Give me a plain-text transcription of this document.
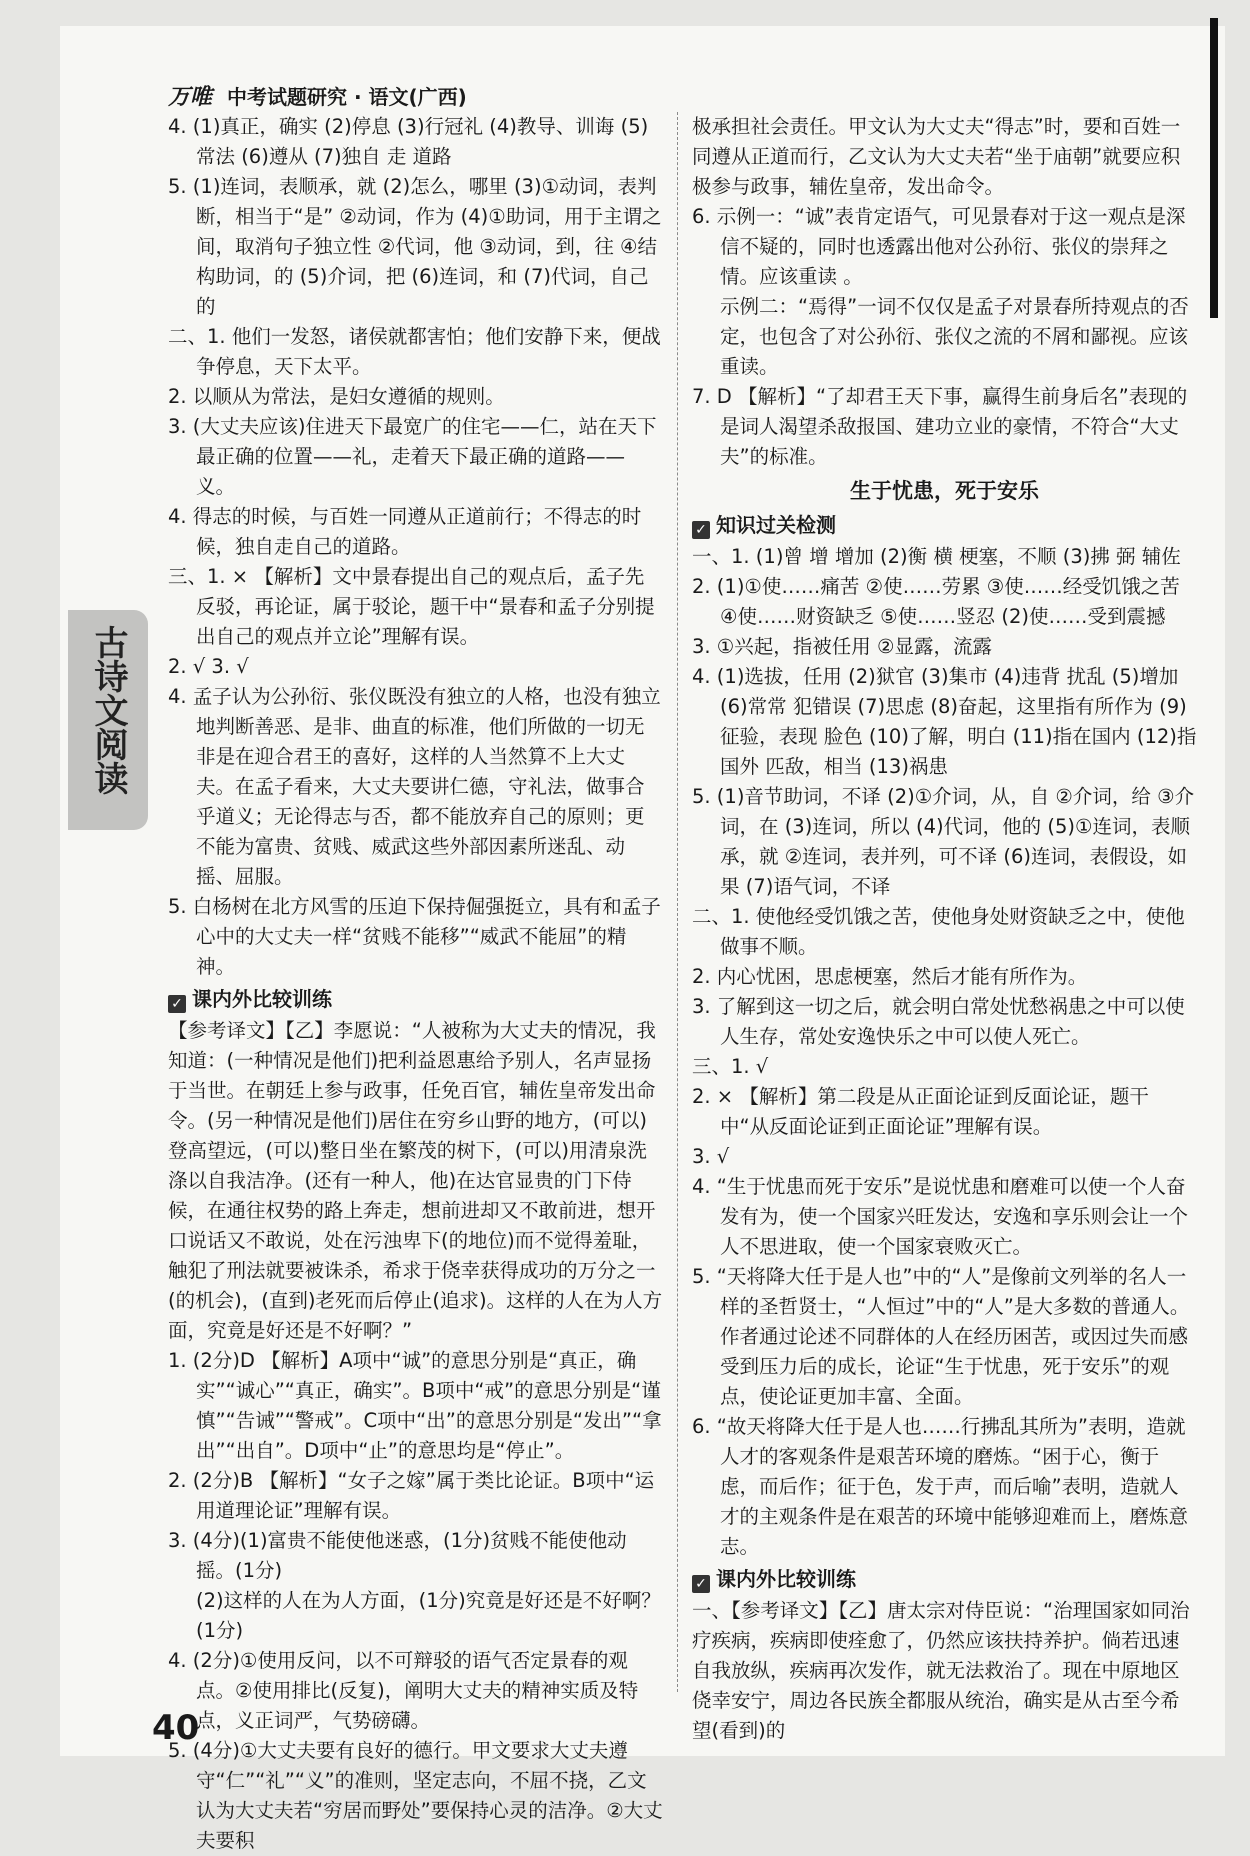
万唯 中考试题研究 · 语文(广西)
古诗文阅读

4. (1)真正，确实 (2)停息 (3)行冠礼 (4)教导、训诲 (5)常法 (6)遵从 (7)独自 走 道路

5. (1)连词，表顺承，就 (2)怎么，哪里 (3)①动词，表判断，相当于“是” ②动词，作为 (4)①助词，用于主谓之间，取消句子独立性 ②代词，他 ③动词，到，往 ④结构助词，的 (5)介词，把 (6)连词，和 (7)代词，自己的

二、1. 他们一发怒，诸侯就都害怕；他们安静下来，便战争停息，天下太平。

2. 以顺从为常法，是妇女遵循的规则。

3. (大丈夫应该)住进天下最宽广的住宅——仁，站在天下最正确的位置——礼，走着天下最正确的道路——义。

4. 得志的时候，与百姓一同遵从正道前行；不得志的时候，独自走自己的道路。

三、1. × 【解析】文中景春提出自己的观点后，孟子先反驳，再论证，属于驳论，题干中“景春和孟子分别提出自己的观点并立论”理解有误。

2. √ 3. √

4. 孟子认为公孙衍、张仪既没有独立的人格，也没有独立地判断善恶、是非、曲直的标准，他们所做的一切无非是在迎合君王的喜好，这样的人当然算不上大丈夫。在孟子看来，大丈夫要讲仁德，守礼法，做事合乎道义；无论得志与否，都不能放弃自己的原则；更不能为富贵、贫贱、威武这些外部因素所迷乱、动摇、屈服。

5. 白杨树在北方风雪的压迫下保持倔强挺立，具有和孟子心中的大丈夫一样“贫贱不能移”“威武不能屈”的精神。

✓ 课内外比较训练

【参考译文】【乙】李愿说：“人被称为大丈夫的情况，我知道：(一种情况是他们)把利益恩惠给予别人，名声显扬于当世。在朝廷上参与政事，任免百官，辅佐皇帝发出命令。(另一种情况是他们)居住在穷乡山野的地方，(可以)登高望远，(可以)整日坐在繁茂的树下，(可以)用清泉洗涤以自我洁净。(还有一种人，他)在达官显贵的门下侍候，在通往权势的路上奔走，想前进却又不敢前进，想开口说话又不敢说，处在污浊卑下(的地位)而不觉得羞耻，触犯了刑法就要被诛杀，希求于侥幸获得成功的万分之一(的机会)，(直到)老死而后停止(追求)。这样的人在为人方面，究竟是好还是不好啊？”

1. (2分)D 【解析】A项中“诚”的意思分别是“真正，确实”“诚心”“真正，确实”。B项中“戒”的意思分别是“谨慎”“告诫”“警戒”。C项中“出”的意思分别是“发出”“拿出”“出自”。D项中“止”的意思均是“停止”。

2. (2分)B 【解析】“女子之嫁”属于类比论证。B项中“运用道理论证”理解有误。

3. (4分)(1)富贵不能使他迷惑，(1分)贫贱不能使他动摇。(1分)

(2)这样的人在为人方面，(1分)究竟是好还是不好啊？(1分)

4. (2分)①使用反问，以不可辩驳的语气否定景春的观点。②使用排比(反复)，阐明大丈夫的精神实质及特点，义正词严，气势磅礴。

5. (4分)①大丈夫要有良好的德行。甲文要求大丈夫遵守“仁”“礼”“义”的准则，坚定志向，不屈不挠，乙文认为大丈夫若“穷居而野处”要保持心灵的洁净。②大丈夫要积

极承担社会责任。甲文认为大丈夫“得志”时，要和百姓一同遵从正道而行，乙文认为大丈夫若“坐于庙朝”就要应积极参与政事，辅佐皇帝，发出命令。

6. 示例一：“诚”表肯定语气，可见景春对于这一观点是深信不疑的，同时也透露出他对公孙衍、张仪的崇拜之情。应该重读 。

示例二：“焉得”一词不仅仅是孟子对景春所持观点的否定，也包含了对公孙衍、张仪之流的不屑和鄙视。应该重读。

7. D 【解析】“了却君王天下事，赢得生前身后名”表现的是词人渴望杀敌报国、建功立业的豪情，不符合“大丈夫”的标准。

生于忧患，死于安乐

✓ 知识过关检测

一、1. (1)曾 增 增加 (2)衡 横 梗塞，不顺 (3)拂 弼 辅佐

2. (1)①使……痛苦 ②使……劳累 ③使……经受饥饿之苦 ④使……财资缺乏 ⑤使……竖忍 (2)使……受到震撼

3. ①兴起，指被任用 ②显露，流露

4. (1)选拔，任用 (2)狱官 (3)集市 (4)违背 扰乱 (5)增加 (6)常常 犯错误 (7)思虑 (8)奋起，这里指有所作为 (9)征验，表现 脸色 (10)了解，明白 (11)指在国内 (12)指国外 匹敌，相当 (13)祸患

5. (1)音节助词，不译 (2)①介词，从，自 ②介词，给 ③介词，在 (3)连词，所以 (4)代词，他的 (5)①连词，表顺承，就 ②连词，表并列，可不译 (6)连词，表假设，如果 (7)语气词，不译

二、1. 使他经受饥饿之苦，使他身处财资缺乏之中，使他做事不顺。

2. 内心忧困，思虑梗塞，然后才能有所作为。

3. 了解到这一切之后，就会明白常处忧愁祸患之中可以使人生存，常处安逸快乐之中可以使人死亡。

三、1. √

2. × 【解析】第二段是从正面论证到反面论证，题干中“从反面论证到正面论证”理解有误。

3. √

4. “生于忧患而死于安乐”是说忧患和磨难可以使一个人奋发有为，使一个国家兴旺发达，安逸和享乐则会让一个人不思进取，使一个国家衰败灭亡。

5. “天将降大任于是人也”中的“人”是像前文列举的名人一样的圣哲贤士，“人恒过”中的“人”是大多数的普通人。作者通过论述不同群体的人在经历困苦，或因过失而感受到压力后的成长，论证“生于忧患，死于安乐”的观点，使论证更加丰富、全面。

6. “故天将降大任于是人也……行拂乱其所为”表明，造就人才的客观条件是艰苦环境的磨炼。“困于心，衡于虑，而后作；征于色，发于声，而后喻”表明，造就人才的主观条件是在艰苦的环境中能够迎难而上，磨炼意志。

✓ 课内外比较训练

一、【参考译文】【乙】唐太宗对侍臣说：“治理国家如同治疗疾病，疾病即使痊愈了，仍然应该扶持养护。倘若迅速自我放纵，疾病再次发作，就无法救治了。现在中原地区侥幸安宁，周边各民族全都服从统治，确实是从古至今希望(看到)的

40
